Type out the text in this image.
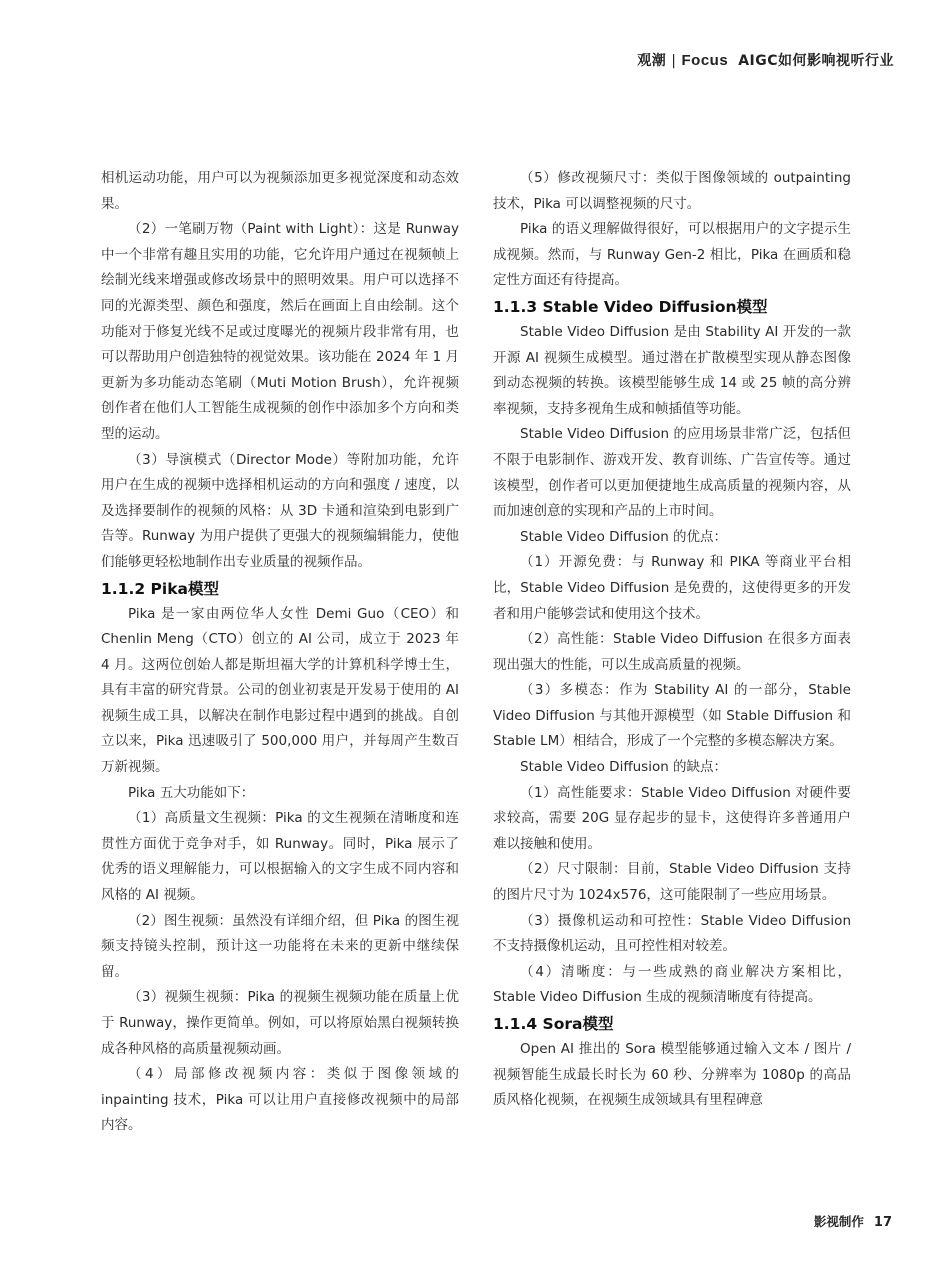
观潮 | Focus AIGC如何影响视听行业

相机运动功能，用户可以为视频添加更多视觉深度和动态效果。

（2）一笔刷万物（Paint with Light）：这是 Runway 中一个非常有趣且实用的功能，它允许用户通过在视频帧上绘制光线来增强或修改场景中的照明效果。用户可以选择不同的光源类型、颜色和强度，然后在画面上自由绘制。这个功能对于修复光线不足或过度曝光的视频片段非常有用，也可以帮助用户创造独特的视觉效果。该功能在 2024 年 1 月更新为多功能动态笔刷（Muti Motion Brush），允许视频创作者在他们人工智能生成视频的创作中添加多个方向和类型的运动。

（3）导演模式（Director Mode）等附加功能，允许用户在生成的视频中选择相机运动的方向和强度 / 速度，以及选择要制作的视频的风格：从 3D 卡通和渲染到电影到广告等。Runway 为用户提供了更强大的视频编辑能力，使他们能够更轻松地制作出专业质量的视频作品。

1.1.2 Pika模型

Pika 是一家由两位华人女性 Demi Guo（CEO）和 Chenlin Meng（CTO）创立的 AI 公司，成立于 2023 年 4 月。这两位创始人都是斯坦福大学的计算机科学博士生，具有丰富的研究背景。公司的创业初衷是开发易于使用的 AI 视频生成工具，以解决在制作电影过程中遇到的挑战。自创立以来，Pika 迅速吸引了 500,000 用户，并每周产生数百万新视频。

Pika 五大功能如下：

（1）高质量文生视频：Pika 的文生视频在清晰度和连贯性方面优于竞争对手，如 Runway。同时，Pika 展示了优秀的语义理解能力，可以根据输入的文字生成不同内容和风格的 AI 视频。

（2）图生视频：虽然没有详细介绍，但 Pika 的图生视频支持镜头控制，预计这一功能将在未来的更新中继续保留。

（3）视频生视频：Pika 的视频生视频功能在质量上优于 Runway，操作更简单。例如，可以将原始黑白视频转换成各种风格的高质量视频动画。

（4）局部修改视频内容：类似于图像领域的 inpainting 技术，Pika 可以让用户直接修改视频中的局部内容。

（5）修改视频尺寸：类似于图像领域的 outpainting 技术，Pika 可以调整视频的尺寸。

Pika 的语义理解做得很好，可以根据用户的文字提示生成视频。然而，与 Runway Gen-2 相比，Pika 在画质和稳定性方面还有待提高。

1.1.3 Stable Video Diffusion模型

Stable Video Diffusion 是由 Stability AI 开发的一款开源 AI 视频生成模型。通过潜在扩散模型实现从静态图像到动态视频的转换。该模型能够生成 14 或 25 帧的高分辨率视频，支持多视角生成和帧插值等功能。

Stable Video Diffusion 的应用场景非常广泛，包括但不限于电影制作、游戏开发、教育训练、广告宣传等。通过该模型，创作者可以更加便捷地生成高质量的视频内容，从而加速创意的实现和产品的上市时间。

Stable Video Diffusion 的优点：

（1）开源免费：与 Runway 和 PIKA 等商业平台相比，Stable Video Diffusion 是免费的，这使得更多的开发者和用户能够尝试和使用这个技术。

（2）高性能：Stable Video Diffusion 在很多方面表现出强大的性能，可以生成高质量的视频。

（3）多模态：作为 Stability AI 的一部分，Stable Video Diffusion 与其他开源模型（如 Stable Diffusion 和 Stable LM）相结合，形成了一个完整的多模态解决方案。

Stable Video Diffusion 的缺点：

（1）高性能要求：Stable Video Diffusion 对硬件要求较高，需要 20G 显存起步的显卡，这使得许多普通用户难以接触和使用。

（2）尺寸限制：目前，Stable Video Diffusion 支持的图片尺寸为 1024x576，这可能限制了一些应用场景。

（3）摄像机运动和可控性：Stable Video Diffusion 不支持摄像机运动，且可控性相对较差。

（4）清晰度：与一些成熟的商业解决方案相比，Stable Video Diffusion 生成的视频清晰度有待提高。

1.1.4 Sora模型

Open AI 推出的 Sora 模型能够通过输入文本 / 图片 / 视频智能生成最长时长为 60 秒、分辨率为 1080p 的高品质风格化视频，在视频生成领域具有里程碑意

影视制作 17
